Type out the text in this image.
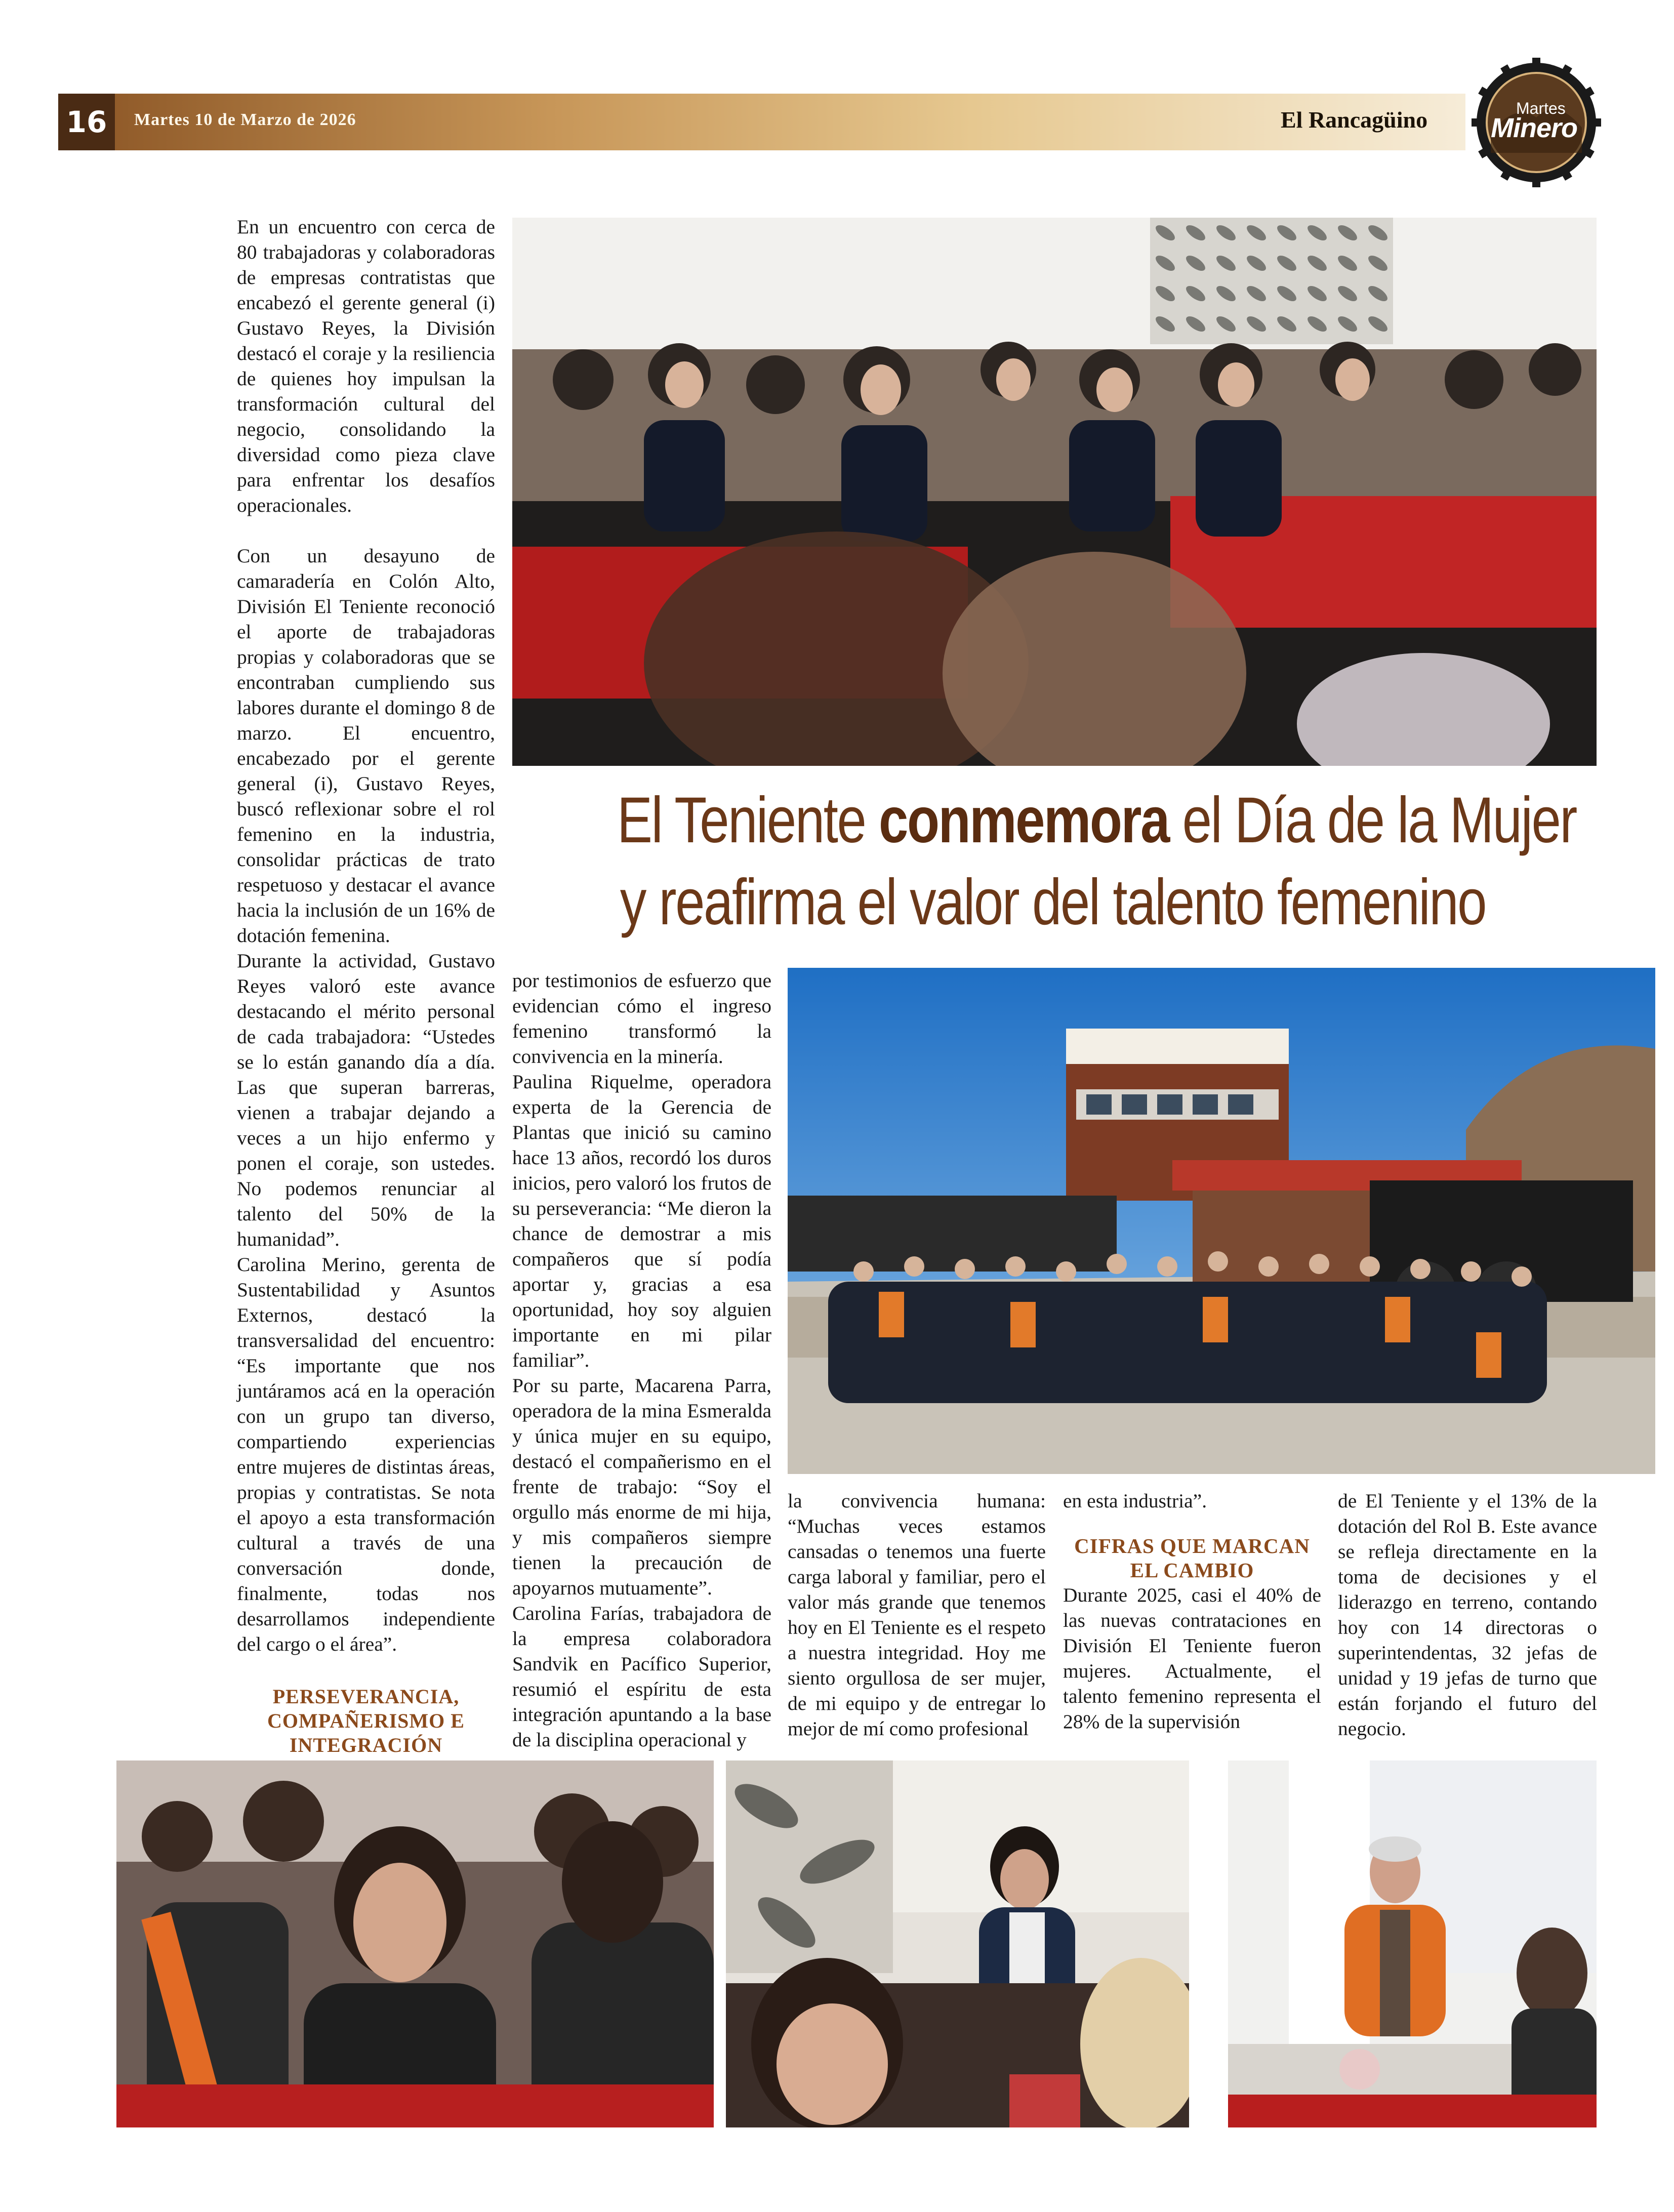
16	Martes 10 de Marzo de 2026	El Rancagüino	Martes
Minero

En un encuentro con cerca de 80 trabajadoras y colaboradoras de empresas contratistas que encabezó el gerente general (i) Gustavo Reyes, la División destacó el coraje y la resiliencia de quienes hoy impulsan la transformación cultural del negocio, consolidando la diversidad como pieza clave para enfrentar los desafíos operacionales.

Con un desayuno de camaradería en Colón Alto, División El Teniente reconoció el aporte de trabajadoras propias y colaboradoras que se encontraban cumpliendo sus labores durante el domingo 8 de marzo. El encuentro, encabezado por el gerente general (i), Gustavo Reyes, buscó reflexionar sobre el rol femenino en la industria, consolidar prácticas de trato respetuoso y destacar el avance hacia la inclusión de un 16% de dotación femenina.

Durante la actividad, Gustavo Reyes valoró este avance destacando el mérito personal de cada trabajadora: “Ustedes se lo están ganando día a día. Las que superan barreras, vienen a trabajar dejando a veces a un hijo enfermo y ponen el coraje, son ustedes. No podemos renunciar al talento del 50% de la humanidad”.

Carolina Merino, gerenta de Sustentabilidad y Asuntos Externos, destacó la transversalidad del encuentro: “Es importante que nos juntáramos acá en la operación con un grupo tan diverso, compartiendo experiencias entre mujeres de distintas áreas, propias y contratistas. Se nota el apoyo a esta transformación cultural a través de una conversación donde, finalmente, todas nos desarrollamos independiente del cargo o el área”.

PERSEVERANCIA, COMPAÑERISMO E INTEGRACIÓN

El Teniente conmemora el Día de la Mujer
y reafirma el valor del talento femenino

por testimonios de esfuerzo que evidencian cómo el ingreso femenino transformó la convivencia en la minería.

Paulina Riquelme, operadora experta de la Gerencia de Plantas que inició su camino hace 13 años, recordó los duros inicios, pero valoró los frutos de su perseverancia: “Me dieron la chance de demostrar a mis compañeros que sí podía aportar y, gracias a esa oportunidad, hoy soy alguien importante en mi pilar familiar”.

Por su parte, Macarena Parra, operadora de la mina Esmeralda y única mujer en su equipo, destacó el compañerismo en el frente de trabajo: “Soy el orgullo más enorme de mi hija, y mis compañeros siempre tienen la precaución de apoyarnos mutuamente”.

Carolina Farías, trabajadora de la empresa colaboradora Sandvik en Pacífico Superior, resumió el espíritu de esta integración apuntando a la base de la disciplina operacional y

la convivencia humana: “Muchas veces estamos cansadas o tenemos una fuerte carga laboral y familiar, pero el valor más grande que tenemos hoy en El Teniente es el respeto a nuestra integridad. Hoy me siento orgullosa de ser mujer, de mi equipo y de entregar lo mejor de mí como profesional

en esta industria”.

CIFRAS QUE MARCAN EL CAMBIO

Durante 2025, casi el 40% de las nuevas contrataciones en División El Teniente fueron mujeres. Actualmente, el talento femenino representa el 28% de la supervisión

de El Teniente y el 13% de la dotación del Rol B. Este avance se refleja directamente en la toma de decisiones y el liderazgo en terreno, contando hoy con 14 directoras o superintendentas, 32 jefas de unidad y 19 jefas de turno que están forjando el futuro del negocio.
